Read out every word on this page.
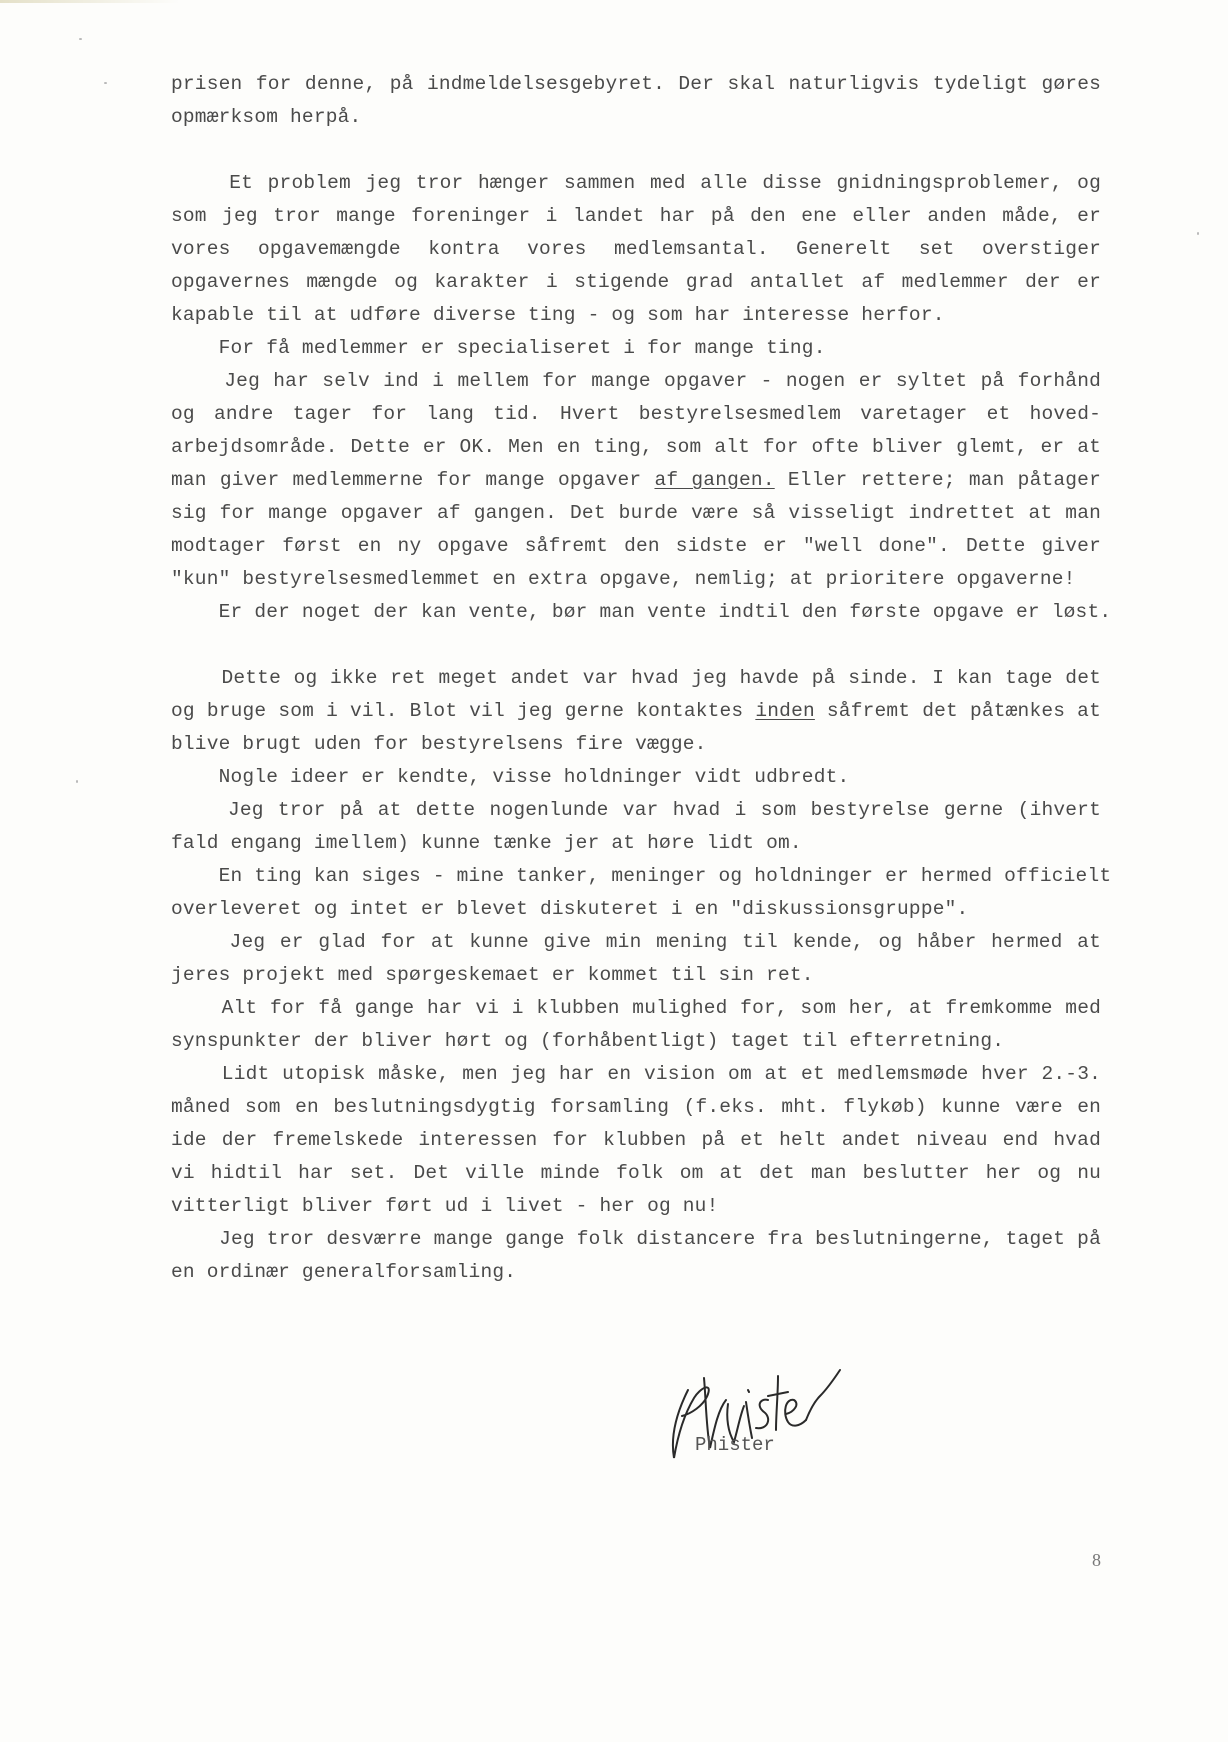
prisen for denne, på indmeldelsesgebyret. Der skal naturligvis tydeligt gøres
opmærksom herpå.
Et problem jeg tror hænger sammen med alle disse gnidningsproblemer, og
som jeg tror mange foreninger i landet har på den ene eller anden måde, er
vores opgavemængde kontra vores medlemsantal. Generelt set overstiger
opgavernes mængde og karakter i stigende grad antallet af medlemmer der er
kapable til at udføre diverse ting - og som har interesse herfor.
For få medlemmer er specialiseret i for mange ting.
Jeg har selv ind i mellem for mange opgaver - nogen er syltet på forhånd
og andre tager for lang tid. Hvert bestyrelsesmedlem varetager et hoved-
arbejdsområde. Dette er OK. Men en ting, som alt for ofte bliver glemt, er at
man giver medlemmerne for mange opgaver af gangen. Eller rettere; man påtager
sig for mange opgaver af gangen. Det burde være så visseligt indrettet at man
modtager først en ny opgave såfremt den sidste er "well done". Dette giver
"kun" bestyrelsesmedlemmet en extra opgave, nemlig; at prioritere opgaverne!
Er der noget der kan vente, bør man vente indtil den første opgave er løst.
Dette og ikke ret meget andet var hvad jeg havde på sinde. I kan tage det
og bruge som i vil. Blot vil jeg gerne kontaktes inden såfremt det påtænkes at
blive brugt uden for bestyrelsens fire vægge.
Nogle ideer er kendte, visse holdninger vidt udbredt.
Jeg tror på at dette nogenlunde var hvad i som bestyrelse gerne (ihvert
fald engang imellem) kunne tænke jer at høre lidt om.
En ting kan siges - mine tanker, meninger og holdninger er hermed officielt
overleveret og intet er blevet diskuteret i en "diskussionsgruppe".
Jeg er glad for at kunne give min mening til kende, og håber hermed at
jeres projekt med spørgeskemaet er kommet til sin ret.
Alt for få gange har vi i klubben mulighed for, som her, at fremkomme med
synspunkter der bliver hørt og (forhåbentligt) taget til efterretning.
Lidt utopisk måske, men jeg har en vision om at et medlemsmøde hver 2.-3.
måned som en beslutningsdygtig forsamling (f.eks. mht. flykøb) kunne være en
ide der fremelskede interessen for klubben på et helt andet niveau end hvad
vi hidtil har set. Det ville minde folk om at det man beslutter her og nu
vitterligt bliver ført ud i livet - her og nu!
Jeg tror desværre mange gange folk distancere fra beslutningerne, taget på
en ordinær generalforsamling.
Phister
8
